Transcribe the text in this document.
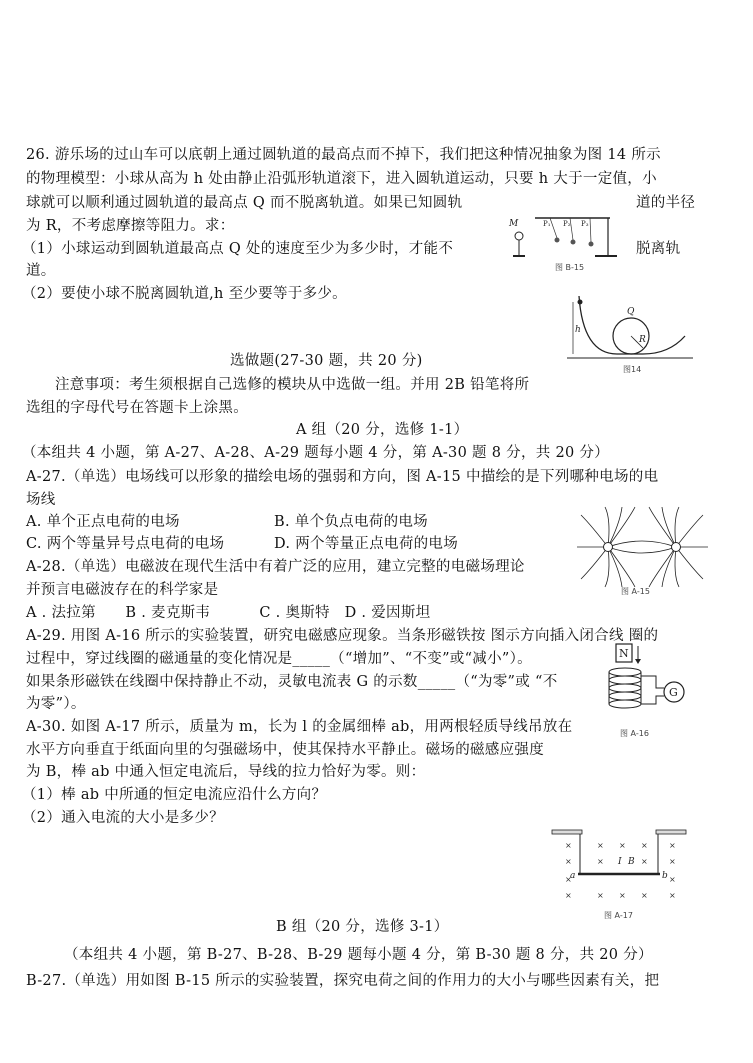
26. 游乐场的过山车可以底朝上通过圆轨道的最高点而不掉下，我们把这种情况抽象为图 14 所示
的物理模型：小球从高为 h 处由静止沿弧形轨道滚下，进入圆轨道运动，只要 h 大于一定值，小
球就可以顺利通过圆轨道的最高点 Q 而不脱离轨道。如果已知圆轨	道的半径
为 R，不考虑摩擦等阻力。求：
（1）小球运动到圆轨道最高点 Q 处的速度至少为多少时，才能不	脱离轨
道。
（2）要使小球不脱离圆轨道,h 至少要等于多少。
M	P₁ P₂ P₃
图 B-15
h
Q
R
图14
选做题(27-30 题，共 20 分)
注意事项：考生须根据自己选修的模块从中选做一组。并用 2B 铅笔将所
选组的字母代号在答题卡上涂黑。
A 组（20 分，选修 1-1）
（本组共 4 小题，第 A-27、A-28、A-29 题每小题 4 分，第 A-30 题 8 分，共 20 分）
A-27.（单选）电场线可以形象的描绘电场的强弱和方向，图 A-15 中描绘的是下列哪种电场的电
场线
A. 单个正点电荷的电场	B. 单个负点电荷的电场
C. 两个等量异号点电荷的电场	D. 两个等量正点电荷的电场
A-28.（单选）电磁波在现代生活中有着广泛的应用，建立完整的电磁场理论
并预言电磁波存在的科学家是
A . 法拉第      B . 麦克斯韦          C . 奥斯特   D . 爱因斯坦
A-29. 用图 A-16 所示的实验装置，研究电磁感应现象。当条形磁铁按 图示方向插入闭合线 圈的
过程中，穿过线圈的磁通量的变化情况是_____（“增加”、“不变”或“减小”）。
如果条形磁铁在线圈中保持静止不动，灵敏电流表 G 的示数_____（“为零”或 “不
为零”）。
A-30. 如图 A-17 所示，质量为 m，长为 l 的金属细棒 ab，用两根轻质导线吊放在
水平方向垂直于纸面向里的匀强磁场中，使其保持水平静止。磁场的磁感应强度
为 B，棒 ab 中通入恒定电流后，导线的拉力恰好为零。则：
（1）棒 ab 中所通的恒定电流应沿什么方向？
（2）通入电流的大小是多少？
图 A-15
N
G
图 A-16
×	× × ×	×
×	×	×	×
×	×
×	× × ×	×
I B
a	b
图 A-17
B 组（20 分，选修 3-1）
（本组共 4 小题，第 B-27、B-28、B-29 题每小题 4 分，第 B-30 题 8 分，共 20 分）
B-27.（单选）用如图 B-15 所示的实验装置，探究电荷之间的作用力的大小与哪些因素有关，把
